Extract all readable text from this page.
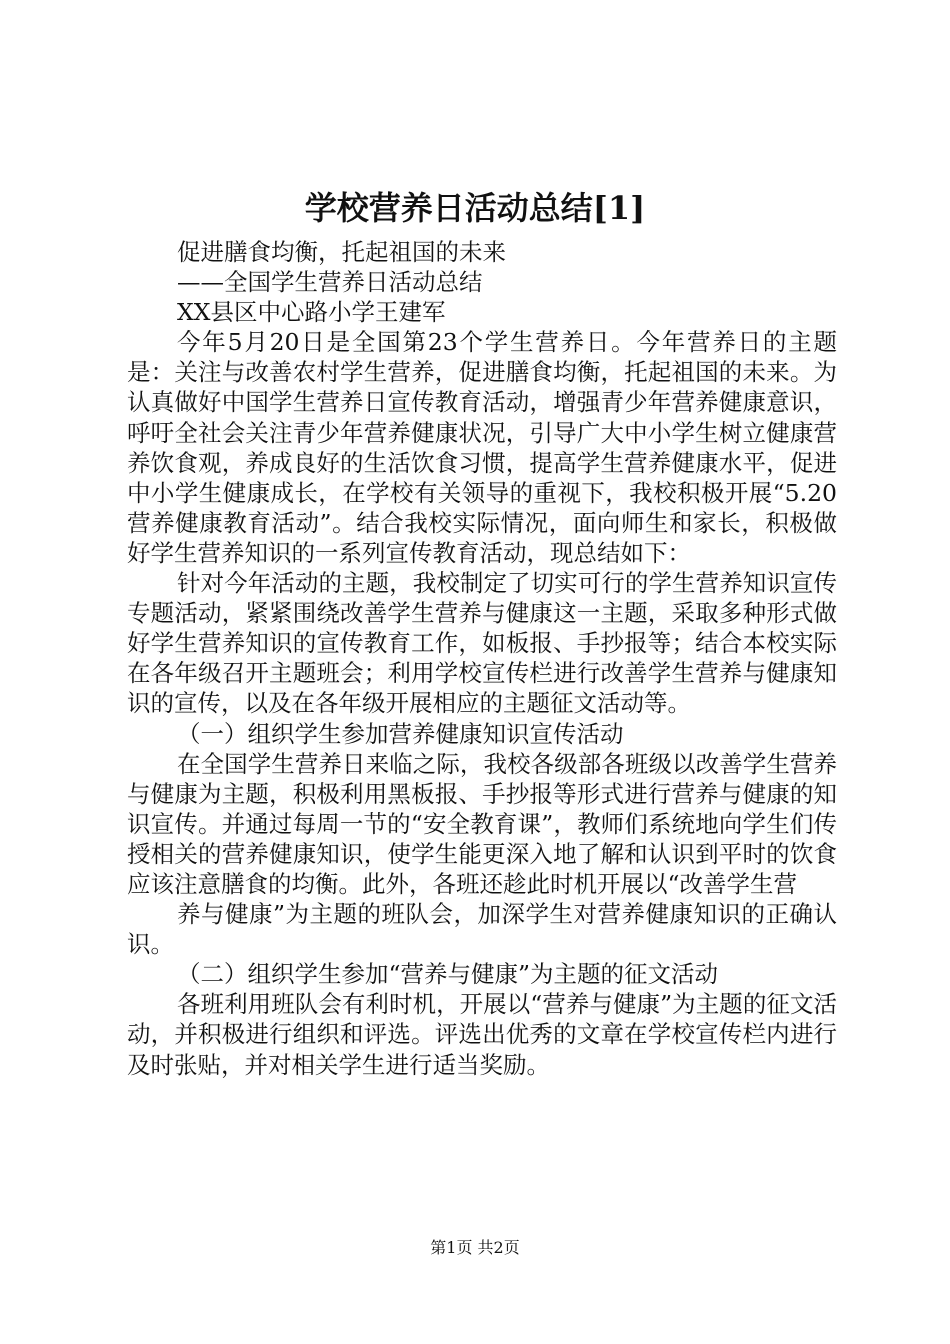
学校营养日活动总结[1]

促进膳食均衡，托起祖国的未来

——全国学生营养日活动总结

XX县区中心路小学王建军

今年5月20日是全国第23个学生营养日。今年营养日的主题是：关注与改善农村学生营养，促进膳食均衡，托起祖国的未来。为认真做好中国学生营养日宣传教育活动，增强青少年营养健康意识，呼吁全社会关注青少年营养健康状况，引导广大中小学生树立健康营养饮食观，养成良好的生活饮食习惯，提高学生营养健康水平，促进中小学生健康成长，在学校有关领导的重视下，我校积极开展“5.20营养健康教育活动”。结合我校实际情况，面向师生和家长，积极做好学生营养知识的一系列宣传教育活动，现总结如下：

针对今年活动的主题，我校制定了切实可行的学生营养知识宣传专题活动，紧紧围绕改善学生营养与健康这一主题，采取多种形式做好学生营养知识的宣传教育工作，如板报、手抄报等；结合本校实际在各年级召开主题班会；利用学校宣传栏进行改善学生营养与健康知识的宣传，以及在各年级开展相应的主题征文活动等。

（一）组织学生参加营养健康知识宣传活动

在全国学生营养日来临之际，我校各级部各班级以改善学生营养与健康为主题，积极利用黑板报、手抄报等形式进行营养与健康的知识宣传。并通过每周一节的“安全教育课”，教师们系统地向学生们传授相关的营养健康知识，使学生能更深入地了解和认识到平时的饮食应该注意膳食的均衡。此外，各班还趁此时机开展以“改善学生营

养与健康”为主题的班队会，加深学生对营养健康知识的正确认识。

（二）组织学生参加“营养与健康”为主题的征文活动

各班利用班队会有利时机，开展以“营养与健康”为主题的征文活动，并积极进行组织和评选。评选出优秀的文章在学校宣传栏内进行及时张贴，并对相关学生进行适当奖励。

第1页 共2页
